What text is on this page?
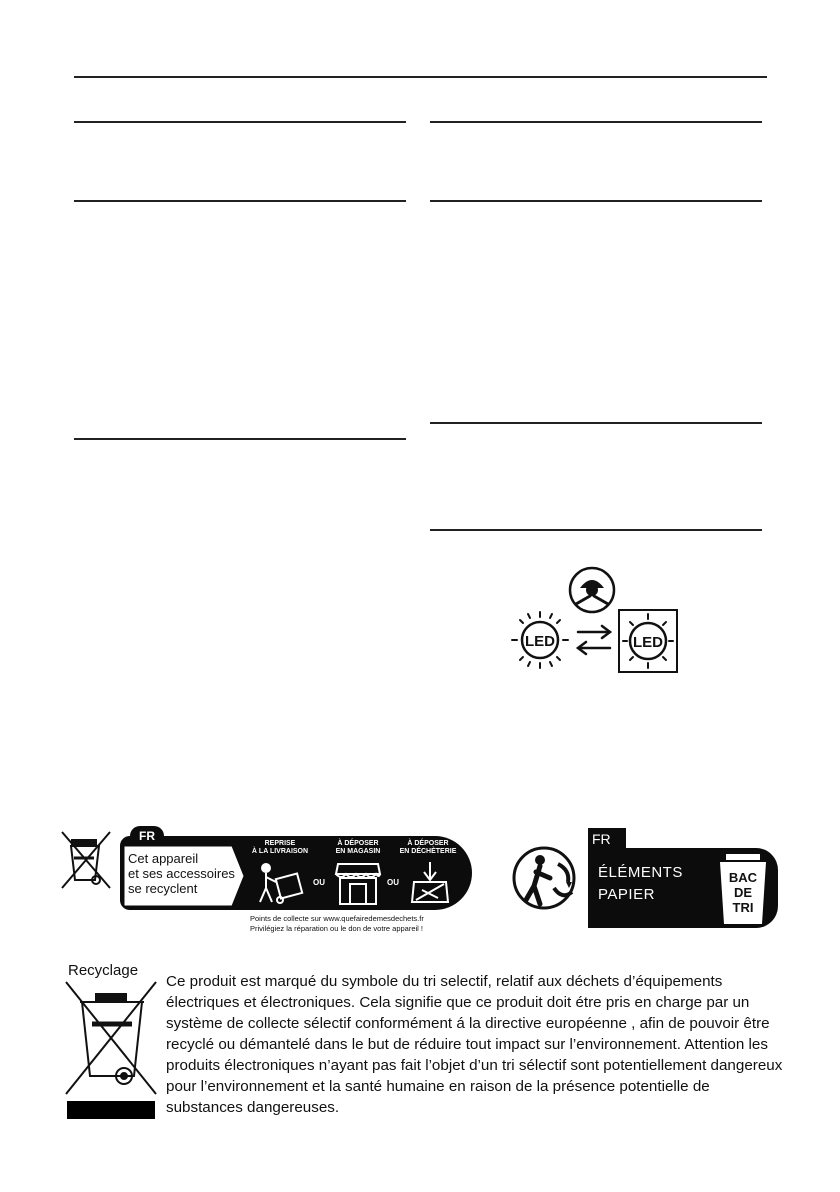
LED	LED
FR
Cet appareil
et ses accessoires
se recyclent
REPRISE
À LA LIVRAISON
À DÉPOSER
EN MAGASIN
À DÉPOSER
EN DÉCHÈTERIE
OU	OU
Points de collecte sur www.quefairedemesdechets.fr
Privilégiez la réparation ou le don de votre appareil !
FR
ÉLÉMENTS
PAPIER
BAC
DE
TRI
Recyclage
Ce produit est marqué du symbole du tri selectif, relatif aux déchets d’équipements électriques et électroniques. Cela signifie que ce produit doit étre pris en charge par un système de collecte sélectif conformément á la directive européenne , afin de pouvoir être recyclé ou démantelé dans le but de réduire tout impact sur l’environnement. Attention les produits électroniques n’ayant pas fait l’objet d’un tri sélectif sont potentiellement dangereux pour l’environnement et la santé humaine en raison de la présence potentielle de substances dangereuses.
